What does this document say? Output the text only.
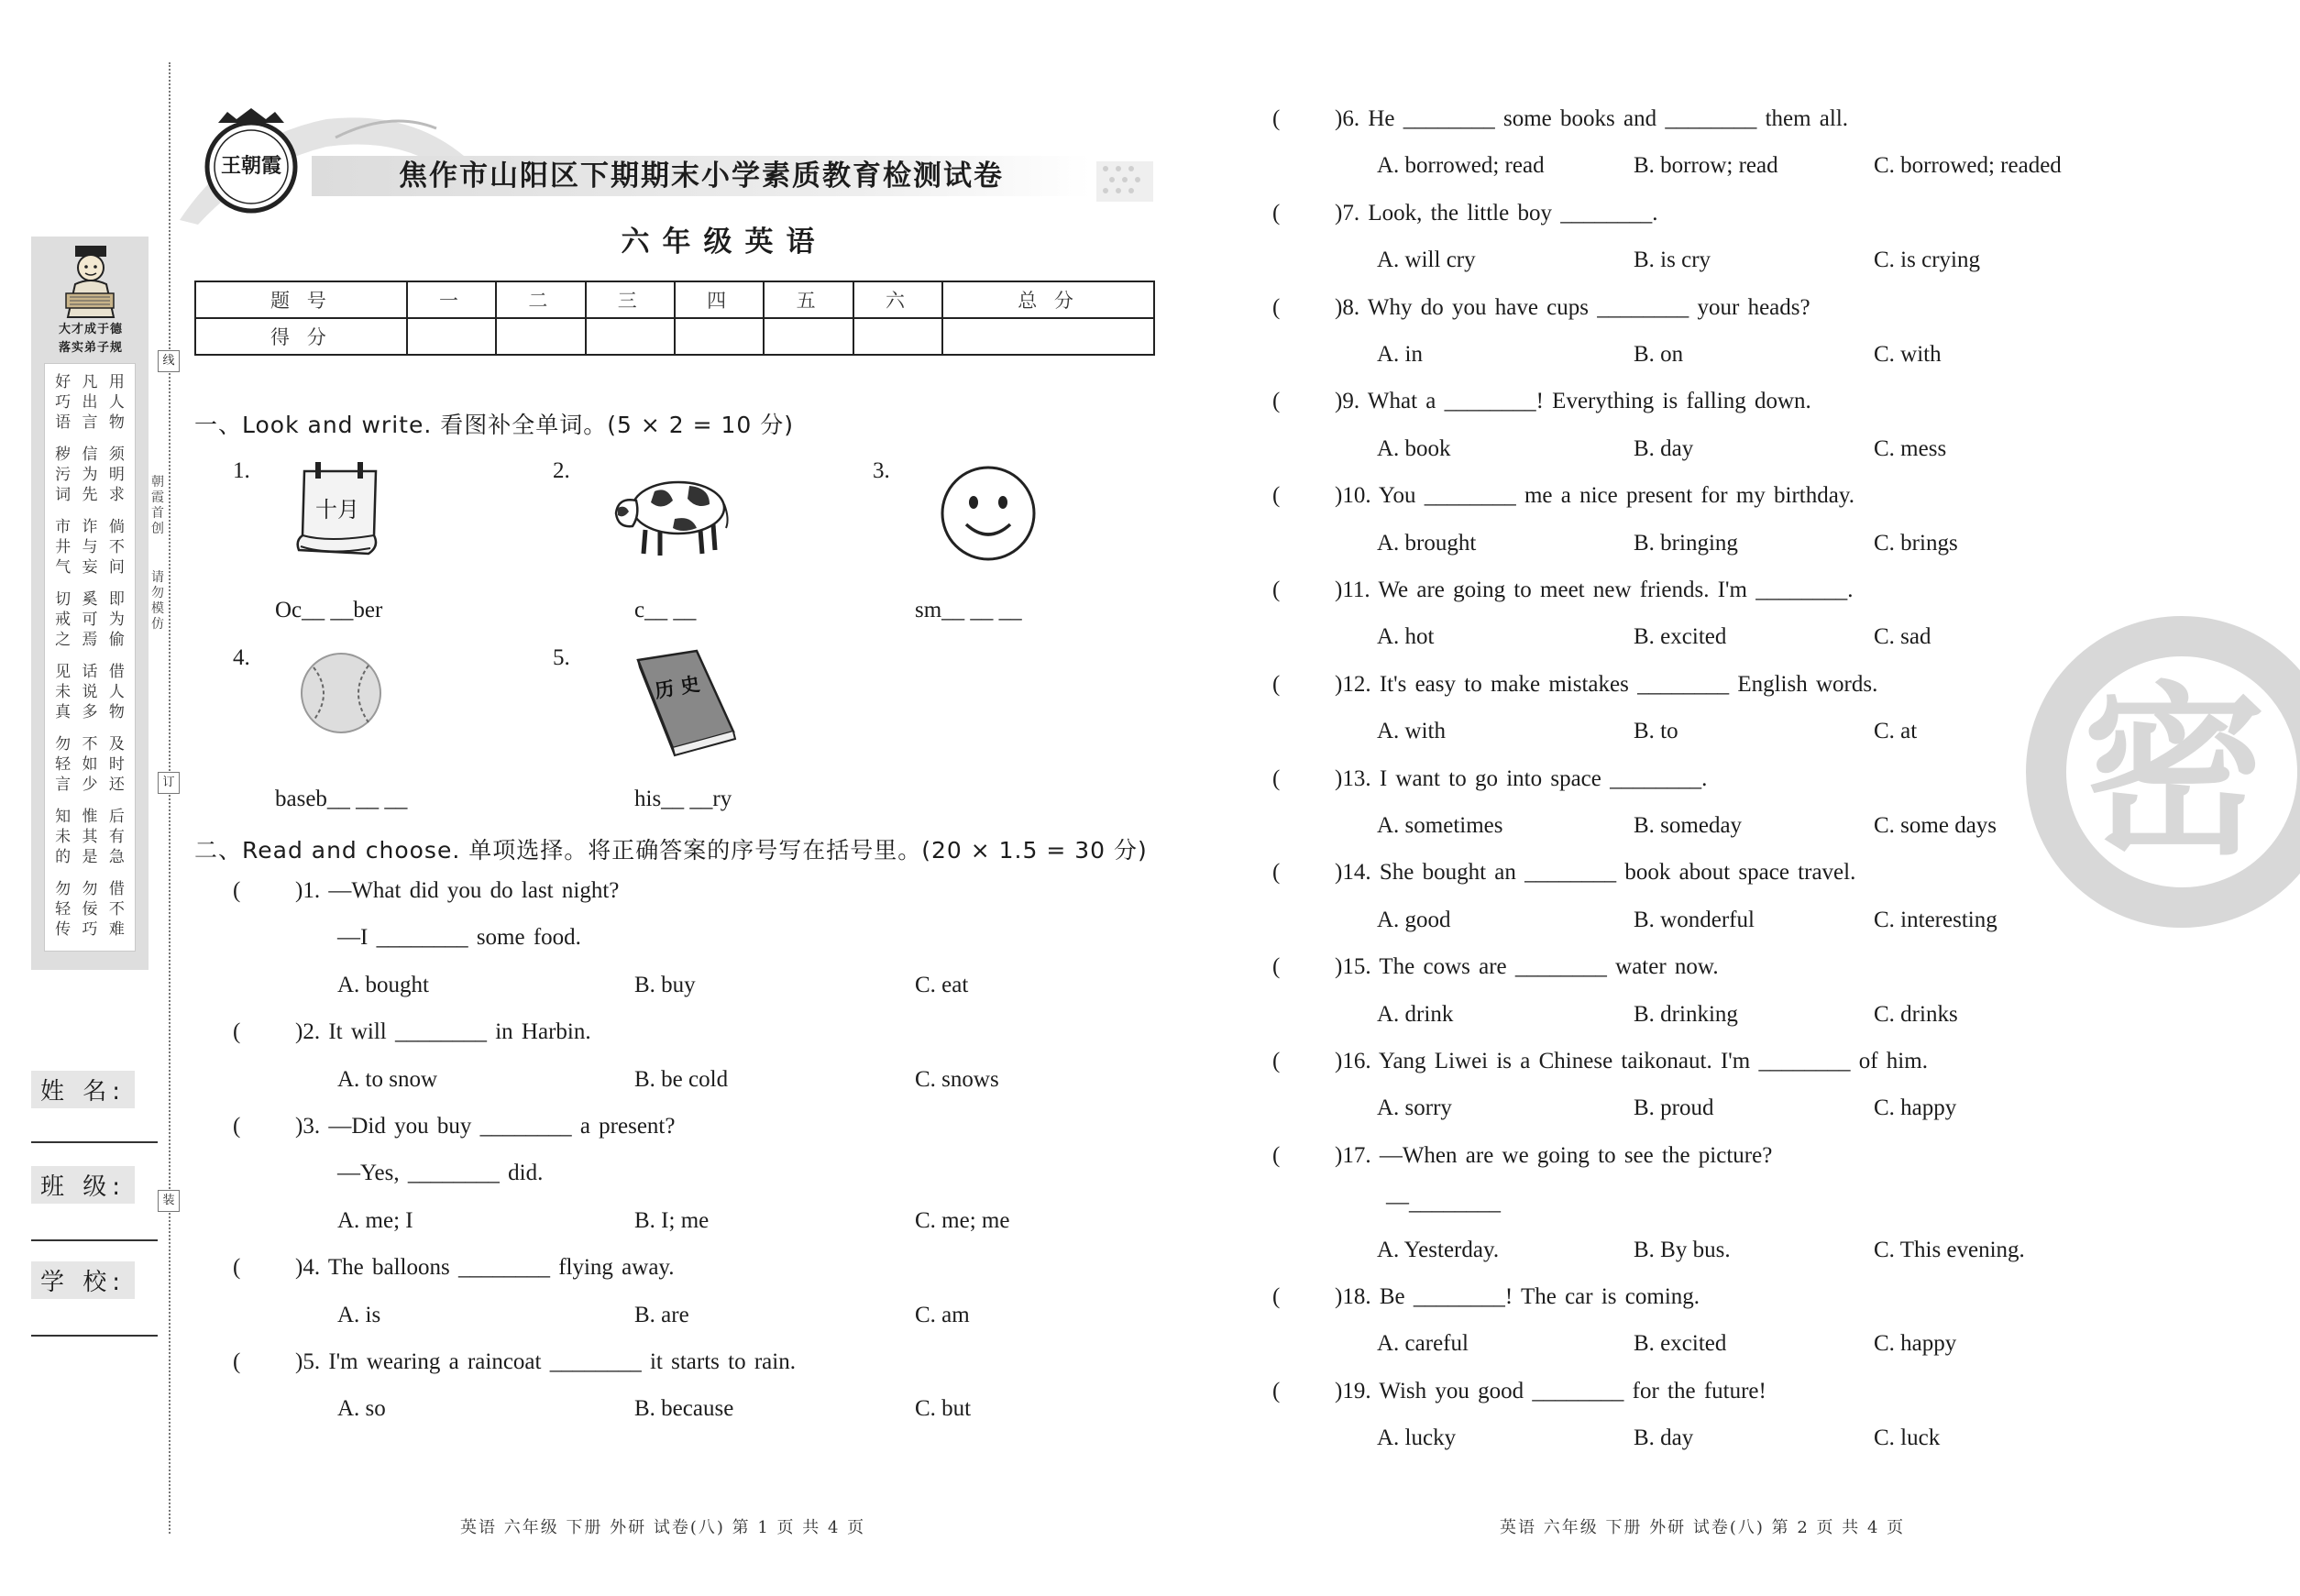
大才成于德
落实弟子规
好
巧
语
凡
出
言
用
人
物
秽
污
词
信
为
先
须
明
求
市
井
气
诈
与
妄
倘
不
问
切
戒
之
奚
可
焉
即
为
偷
见
未
真
话
说
多
借
人
物
勿
轻
言
不
如
少
及
时
还
知
未
的
惟
其
是
后
有
急
勿
轻
传
勿
佞
巧
借
不
难
姓 名:
班 级:
学 校:
线
订
装
朝
霞
首
创
请
勿
模
仿
焦作市山阳区下期期末小学素质教育检测试卷
王朝霞
六年级英语
题 号	一	二	三	四	五	六	总 分
得 分							
一、Look and write. 看图补全单词。(5 × 2 = 10 分)
1.	2.	3.
4.	5.
十月
历 史
Oc__ __ber	c__ __	sm__ __ __
baseb__ __ __	his__ __ry
二、Read and choose. 单项选择。将正确答案的序号写在括号里。(20 × 1.5 = 30 分)
( )1. —What did you do last night?
—I ________ some food.
A. bought	B. buy	C. eat
( )2. It will ________ in Harbin.
A. to snow	B. be cold	C. snows
( )3. —Did you buy ________ a present?
—Yes, ________ did.
A. me; I	B. I; me	C. me; me
( )4. The balloons ________ flying away.
A. is	B. are	C. am
( )5. I'm wearing a raincoat ________ it starts to rain.
A. so	B. because	C. but
( )6. He ________ some books and ________ them all.
A. borrowed; read	B. borrow; read	C. borrowed; readed
( )7. Look, the little boy ________.
A. will cry	B. is cry	C. is crying
( )8. Why do you have cups ________ your heads?
A. in	B. on	C. with
( )9. What a ________! Everything is falling down.
A. book	B. day	C. mess
( )10. You ________ me a nice present for my birthday.
A. brought	B. bringing	C. brings
( )11. We are going to meet new friends. I'm ________.
A. hot	B. excited	C. sad
( )12. It's easy to make mistakes ________ English words.
A. with	B. to	C. at
( )13. I want to go into space ________.
A. sometimes	B. someday	C. some days
( )14. She bought an ________ book about space travel.
A. good	B. wonderful	C. interesting
( )15. The cows are ________ water now.
A. drink	B. drinking	C. drinks
( )16. Yang Liwei is a Chinese taikonaut. I'm ________ of him.
A. sorry	B. proud	C. happy
( )17. —When are we going to see the picture?
—________
A. Yesterday.	B. By bus.	C. This evening.
( )18. Be ________! The car is coming.
A. careful	B. excited	C. happy
( )19. Wish you good ________ for the future!
A. lucky	B. day	C. luck
密
英语 六年级 下册 外研 试卷(八) 第 1 页 共 4 页	英语 六年级 下册 外研 试卷(八) 第 2 页 共 4 页
